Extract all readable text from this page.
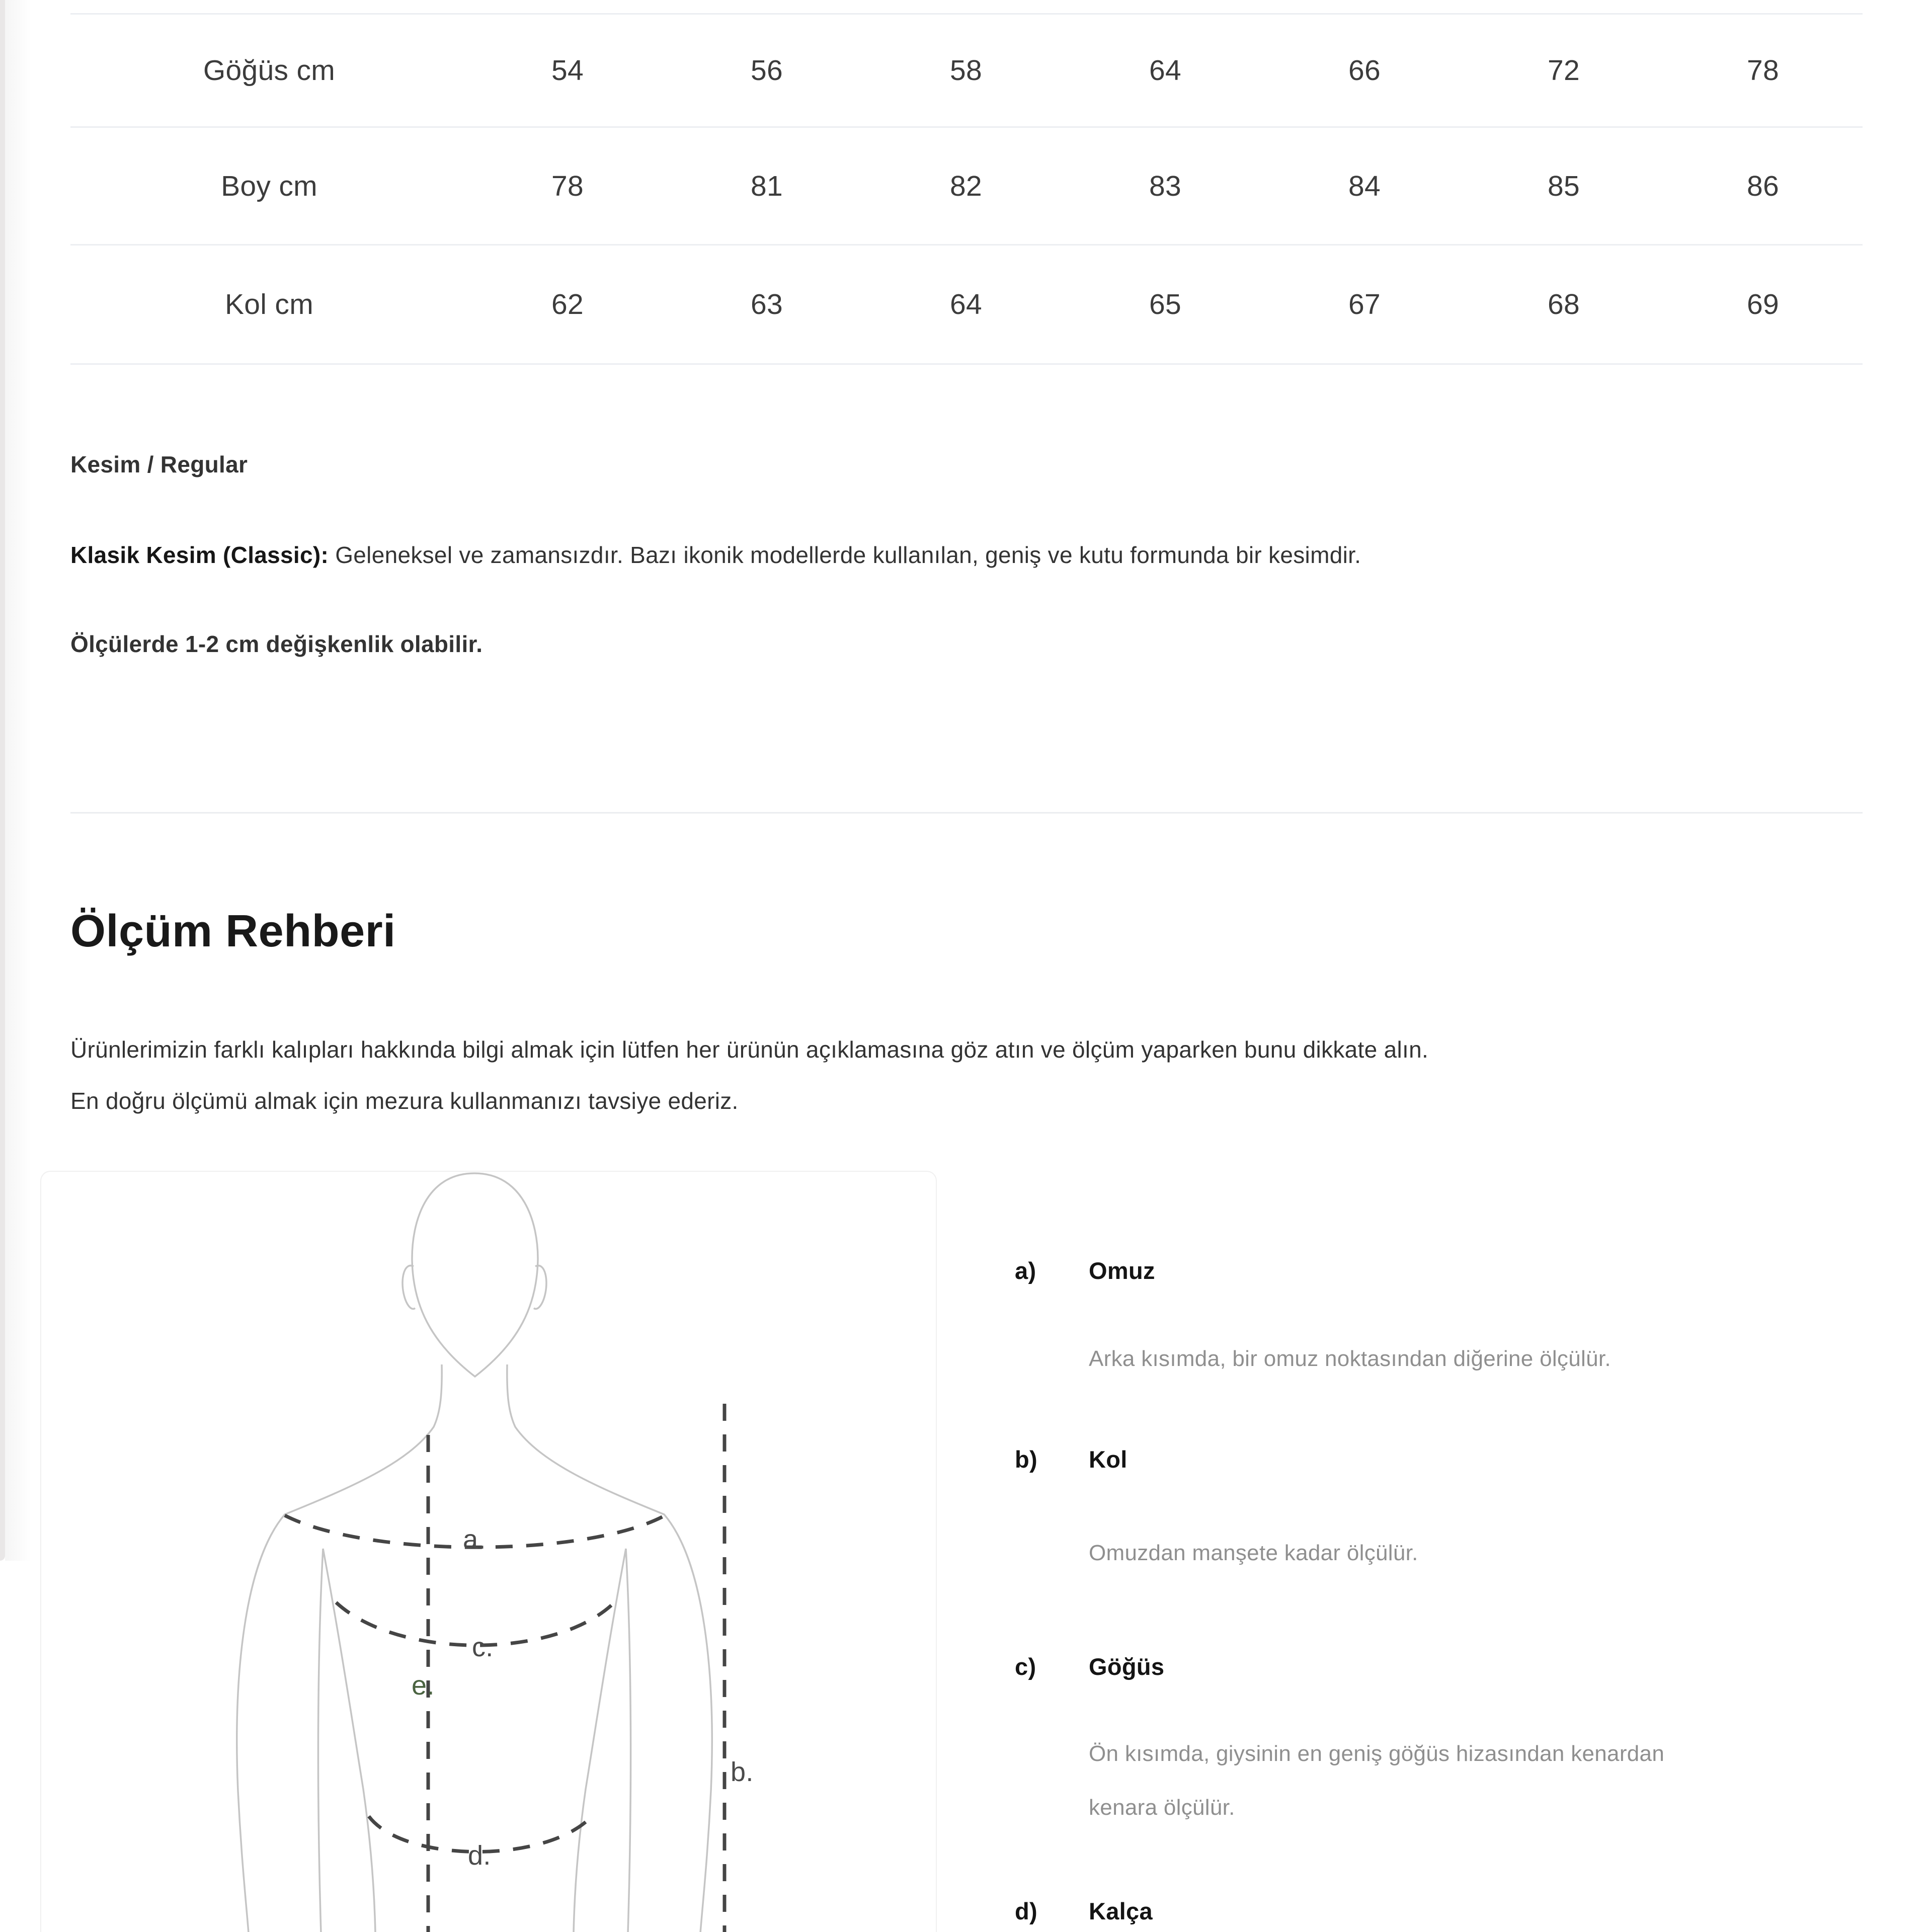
Göğüs cm	54	56	58	64	66	72	78
Boy cm	78	81	82	83	84	85	86
Kol cm	62	63	64	65	67	68	69
Kesim / Regular
Klasik Kesim (Classic): Geleneksel ve zamansızdır. Bazı ikonik modellerde kullanılan, geniş ve kutu formunda bir kesimdir.
Ölçülerde 1-2 cm değişkenlik olabilir.
Ölçüm Rehberi
Ürünlerimizin farklı kalıpları hakkında bilgi almak için lütfen her ürünün açıklamasına göz atın ve ölçüm yaparken bunu dikkate alın.
En doğru ölçümü almak için mezura kullanmanızı tavsiye ederiz.
a.
c.
e.
d.
b.
a) Omuz
Arka kısımda, bir omuz noktasından diğerine ölçülür.
b) Kol
Omuzdan manşete kadar ölçülür.
c) Göğüs
Ön kısımda, giysinin en geniş göğüs hizasından kenardan
kenara ölçülür.
d) Kalça
